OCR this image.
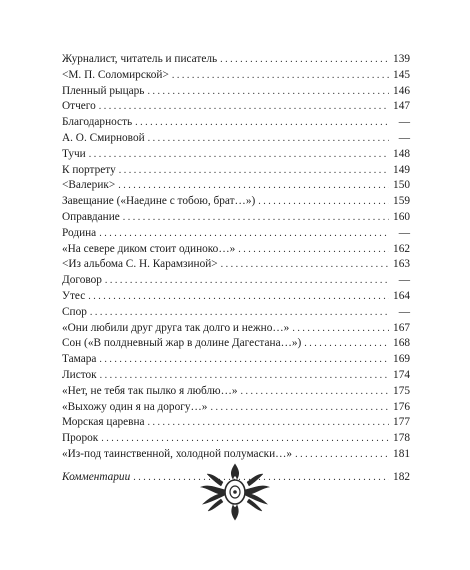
Журналист, читатель и писатель . . .	139
<М. П. Соломирской> . . .	145
Пленный рыцарь . . .	146
Отчего . . .	147
Благодарность . . .	—
А. О. Смирновой . . .	—
Тучи . . .	148
К портрету . . .	149
<Валерик> . . .	150
Завещание («Наедине с тобою, брат…») . . .	159
Оправдание . . .	160
Родина . . .	—
«На севере диком стоит одиноко…» . . .	162
<Из альбома С. Н. Карамзиной> . . .	163
Договор . . .	—
Утес . . .	164
Спор . . .	—
«Они любили друг друга так долго и нежно…» . . .	167
Сон («В полдневный жар в долине Дагестана…») . . .	168
Тамара . . .	169
Листок . . .	174
«Нет, не тебя так пылко я люблю…» . . .	175
«Выхожу один я на дорогу…» . . .	176
Морская царевна . . .	177
Пророк . . .	178
«Из-под таинственной, холодной полумаски…» . . .	181
Комментарии . . .	182
